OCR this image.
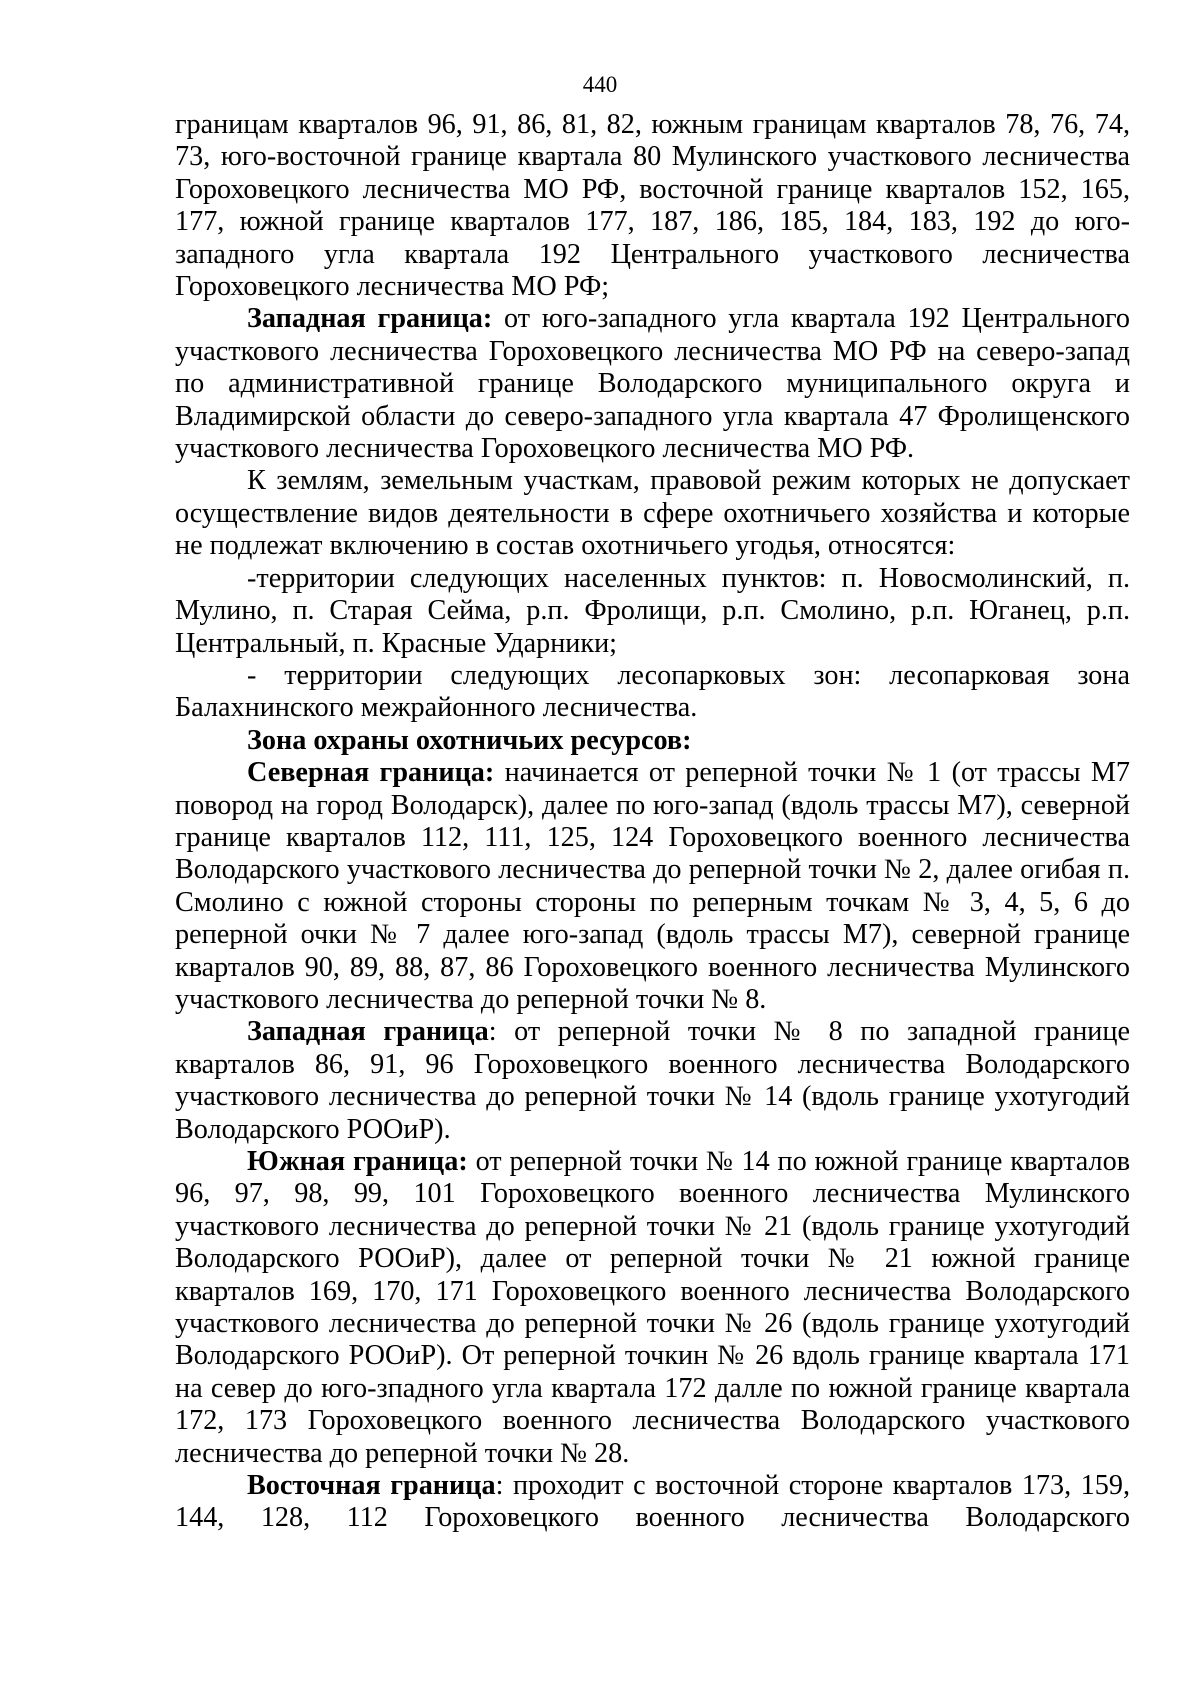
440

границам кварталов 96, 91, 86, 81, 82, южным границам кварталов 78, 76, 74, 73, юго-восточной границе квартала 80 Мулинского участкового лесничества Гороховецкого лесничества МО РФ, восточной границе кварталов 152, 165, 177, южной границе кварталов 177, 187, 186, 185, 184, 183, 192 до юго-западного угла квартала 192 Центрального участкового лесничества Гороховецкого лесничества МО РФ;

Западная граница: от юго-западного угла квартала 192 Центрального участкового лесничества Гороховецкого лесничества МО РФ на северо-запад по административной границе Володарского муниципального округа и Владимирской области до северо-западного угла квартала 47 Фролищенского участкового лесничества Гороховецкого лесничества МО РФ.

К землям, земельным участкам, правовой режим которых не допускает осуществление видов деятельности в сфере охотничьего хозяйства и которые не подлежат включению в состав охотничьего угодья, относятся:

-территории следующих населенных пунктов: п. Новосмолинский, п. Мулино, п. Старая Сейма, р.п. Фролищи, р.п. Смолино, р.п. Юганец, р.п. Центральный, п. Красные Ударники;

- территории следующих лесопарковых зон: лесопарковая зона Балахнинского межрайонного лесничества.

Зона охраны охотничьих ресурсов:

Северная граница: начинается от реперной точки № 1 (от трассы М7 повород на город Володарск), далее по юго-запад (вдоль трассы М7), северной границе кварталов 112, 111, 125, 124 Гороховецкого военного лесничества Володарского участкового лесничества до реперной точки № 2, далее огибая п. Смолино с южной стороны стороны по реперным точкам № 3, 4, 5, 6 до реперной очки № 7 далее юго-запад (вдоль трассы М7), северной границе кварталов 90, 89, 88, 87, 86 Гороховецкого военного лесничества Мулинского участкового лесничества до реперной точки № 8.

Западная граница: от реперной точки № 8 по западной границе кварталов 86, 91, 96 Гороховецкого военного лесничества Володарского участкового лесничества до реперной точки № 14 (вдоль границе ухотугодий Володарского РООиР).

Южная граница: от реперной точки № 14 по южной границе кварталов 96, 97, 98, 99, 101 Гороховецкого военного лесничества Мулинского участкового лесничества до реперной точки № 21 (вдоль границе ухотугодий Володарского РООиР), далее от реперной точки № 21 южной границе кварталов 169, 170, 171 Гороховецкого военного лесничества Володарского участкового лесничества до реперной точки № 26 (вдоль границе ухотугодий Володарского РООиР). От реперной точкин № 26 вдоль границе квартала 171 на север до юго-зпадного угла квартала 172 далле по южной границе квартала 172, 173 Гороховецкого военного лесничества Володарского участкового лесничества до реперной точки № 28.

Восточная граница: проходит с восточной стороне кварталов 173, 159, 144, 128, 112 Гороховецкого военного лесничества Володарского
